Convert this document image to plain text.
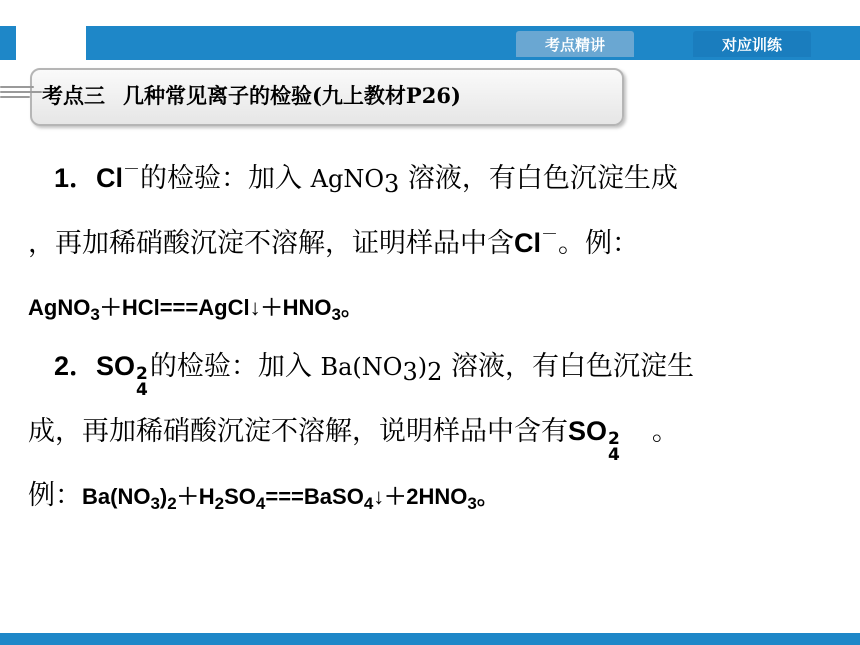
考点精讲	对应训练
考点三 几种常见离子的检验(九上教材P26)
1．Cl－的检验：加入 AgNO$_3$ 溶液，有白色沉淀生成
，再加稀硝酸沉淀不溶解，证明样品中含Cl－。例：
$AgNO_3+HCl===AgCl↓+HNO_3$。
2．SO 2
4
的检验：加入 $Ba(NO_3)_2$ 溶液，有白色沉淀生
成，再加稀硝酸沉淀不溶解，说明样品中含有SO 2
4
。
例：$Ba(NO_3)_2+H_2SO_4===BaSO_4↓+2HNO_3$。
